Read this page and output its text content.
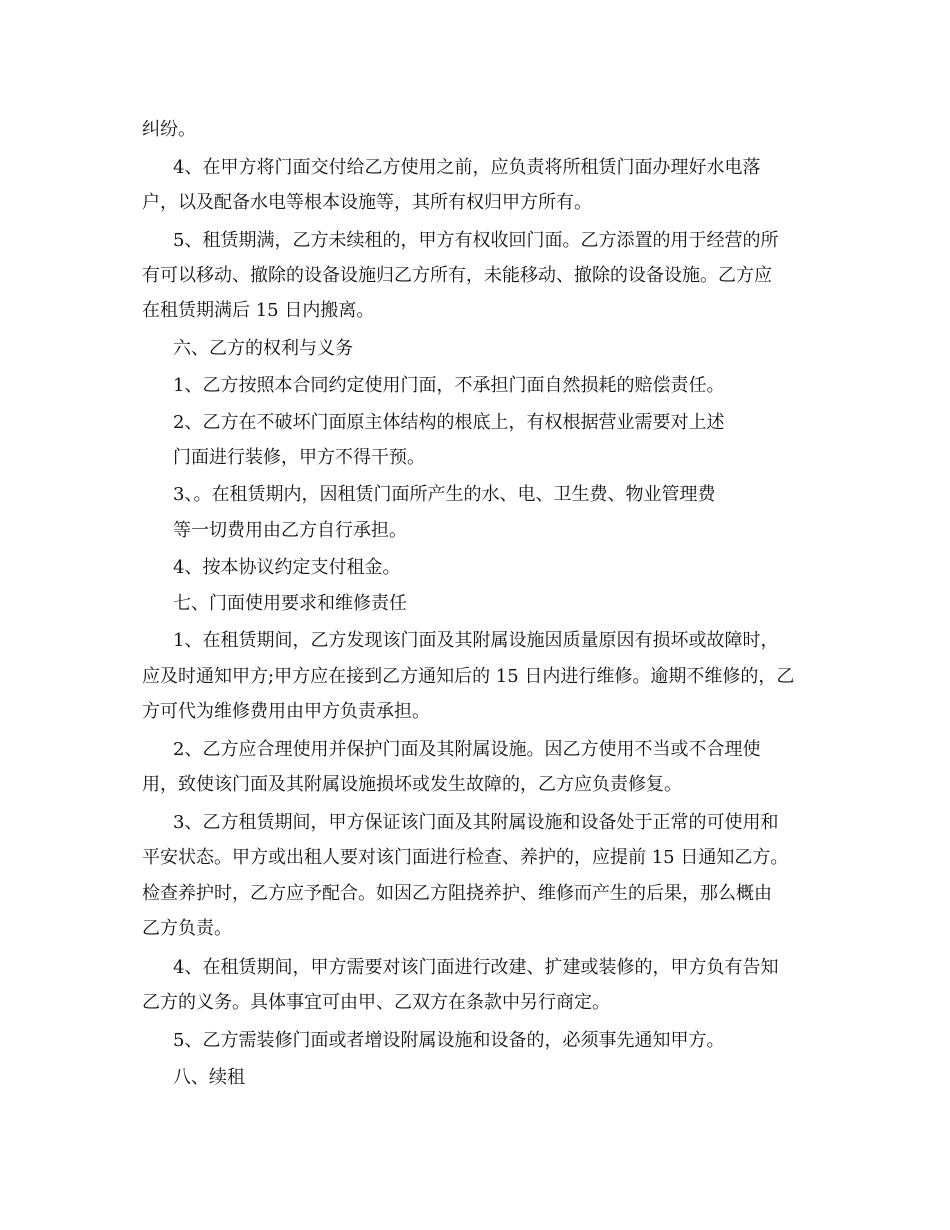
纠纷。
4、在甲方将门面交付给乙方使用之前，应负责将所租赁门面办理好水电落
户，以及配备水电等根本设施等，其所有权归甲方所有。
5、租赁期满，乙方未续租的，甲方有权收回门面。乙方添置的用于经营的所
有可以移动、撤除的设备设施归乙方所有，未能移动、撤除的设备设施。乙方应
在租赁期满后 15 日内搬离。
六、乙方的权利与义务
1、乙方按照本合同约定使用门面，不承担门面自然损耗的赔偿责任。
2、乙方在不破坏门面原主体结构的根底上，有权根据营业需要对上述
门面进行装修，甲方不得干预。
3、。在租赁期内，因租赁门面所产生的水、电、卫生费、物业管理费
等一切费用由乙方自行承担。
4、按本协议约定支付租金。
七、门面使用要求和维修责任
1、在租赁期间，乙方发现该门面及其附属设施因质量原因有损坏或故障时，
应及时通知甲方;甲方应在接到乙方通知后的 15 日内进行维修。逾期不维修的，乙
方可代为维修费用由甲方负责承担。
2、乙方应合理使用并保护门面及其附属设施。因乙方使用不当或不合理使
用，致使该门面及其附属设施损坏或发生故障的，乙方应负责修复。
3、乙方租赁期间，甲方保证该门面及其附属设施和设备处于正常的可使用和
平安状态。甲方或出租人要对该门面进行检查、养护的，应提前 15 日通知乙方。
检查养护时，乙方应予配合。如因乙方阻挠养护、维修而产生的后果，那么概由
乙方负责。
4、在租赁期间，甲方需要对该门面进行改建、扩建或装修的，甲方负有告知
乙方的义务。具体事宜可由甲、乙双方在条款中另行商定。
5、乙方需装修门面或者增设附属设施和设备的，必须事先通知甲方。
八、续租
